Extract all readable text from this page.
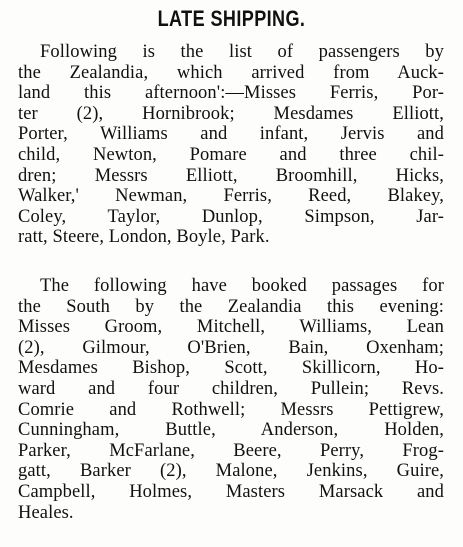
LATE SHIPPING.
Following is the list of passengers by
the Zealandia, which arrived from Auck-
land this afternoon':—Misses Ferris, Por-
ter (2), Hornibrook; Mesdames Elliott,
Porter, Williams and infant, Jervis and
child, Newton, Pomare and three chil-
dren; Messrs Elliott, Broomhill, Hicks,
Walker,' Newman, Ferris, Reed, Blakey,
Coley, Taylor, Dunlop, Simpson, Jar-
ratt, Steere, London, Boyle, Park.
The following have booked passages for
the South by the Zealandia this evening:
Misses Groom, Mitchell, Williams, Lean
(2), Gilmour, O'Brien, Bain, Oxenham;
Mesdames Bishop, Scott, Skillicorn, Ho-
ward and four children, Pullein; Revs.
Comrie and Rothwell; Messrs Pettigrew,
Cunningham, Buttle, Anderson, Holden,
Parker, McFarlane, Beere, Perry, Frog-
gatt, Barker (2), Malone, Jenkins, Guire,
Campbell, Holmes, Masters Marsack and
Heales.
